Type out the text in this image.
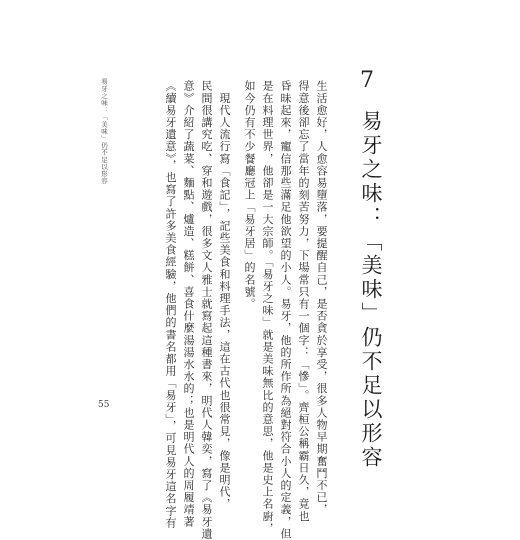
7
易牙之味：「美味」仍不足以形容
生活愈好，人愈容易墮落，要提醒自己，是否貪於享受，很多人物早期奮鬥不已，
得意後卻忘了當年的刻苦努力，下場常只有一個字：「慘」。齊桓公稱霸日久，竟也
昏昧起來，寵信那些滿足他欲望的小人。易牙，他的所作所為絕對符合小人的定義，但
是在料理世界，他卻是一大宗師。「易牙之味」就是美味無比的意思，他是史上名廚，
如今仍有不少餐廳冠上「易牙居」的名號。
　現代人流行寫「食記」，記些美食和料理手法，這在古代也很常見，像是明代，
民間很講究吃、穿和遊戲，很多文人雅士就寫起這種書來，明代人韓奕，寫了《易牙遺
意》介紹了蔬菜、麵點、爐造、糕餅、喜食什麼湯湯水水的；也是明代人的周履靖著
《續易牙遺意》，也寫了許多美食經驗，他們的書名都用「易牙」，可見易牙這名字有
易牙之味：「美味」仍不足以形容
55
